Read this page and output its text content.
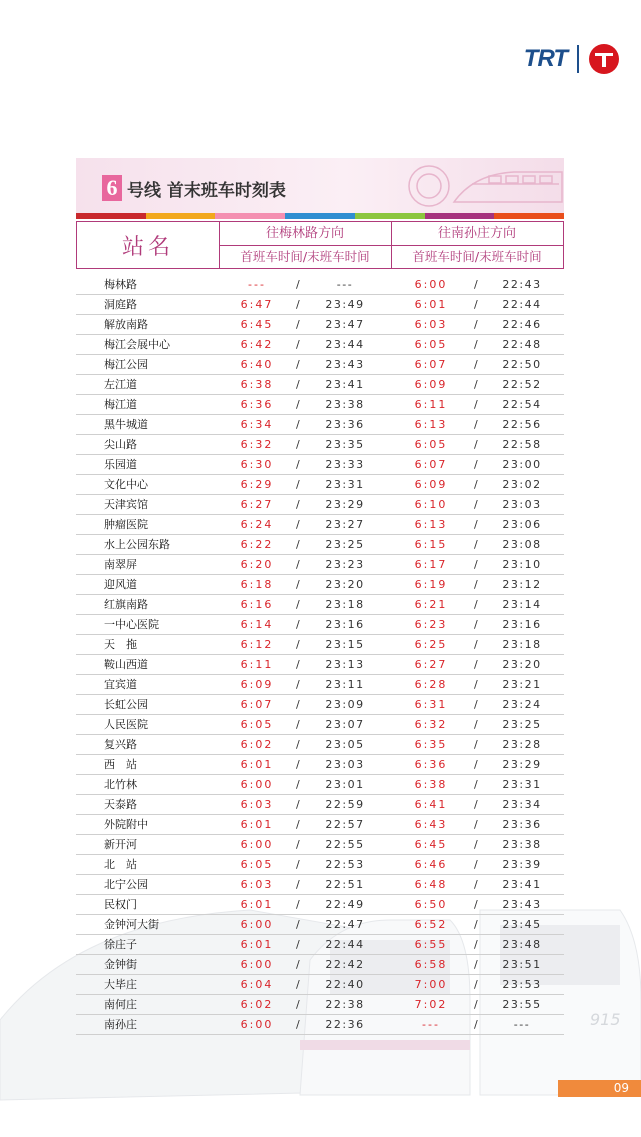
TRT
6 号线 首末班车时刻表
站名
往梅林路方向
首班车时间/末班车时间
往南孙庄方向
首班车时间/末班车时间
915
梅林路	---	/	---	6:00 /	22:43
洞庭路	6:47 /	23:49	6:01 /	22:44
解放南路	6:45 /	23:47	6:03 /	22:46
梅江会展中心	6:42 /	23:44	6:05 /	22:48
梅江公园	6:40 /	23:43	6:07 /	22:50
左江道	6:38 /	23:41	6:09 /	22:52
梅江道	6:36 /	23:38	6:11 /	22:54
黑牛城道	6:34 /	23:36	6:13 /	22:56
尖山路	6:32 /	23:35	6:05 /	22:58
乐园道	6:30 /	23:33	6:07 /	23:00
文化中心	6:29 /	23:31	6:09 /	23:02
天津宾馆	6:27 /	23:29	6:10 /	23:03
肿瘤医院	6:24 /	23:27	6:13 /	23:06
水上公园东路	6:22 /	23:25	6:15 /	23:08
南翠屏	6:20 /	23:23	6:17 /	23:10
迎风道	6:18 /	23:20	6:19 /	23:12
红旗南路	6:16 /	23:18	6:21 /	23:14
一中心医院	6:14 /	23:16	6:23 /	23:16
天　拖	6:12 /	23:15	6:25 /	23:18
鞍山西道	6:11 /	23:13	6:27 /	23:20
宜宾道	6:09 /	23:11	6:28 /	23:21
长虹公园	6:07 /	23:09	6:31 /	23:24
人民医院	6:05 /	23:07	6:32 /	23:25
复兴路	6:02 /	23:05	6:35 /	23:28
西　站	6:01 /	23:03	6:36 /	23:29
北竹林	6:00 /	23:01	6:38 /	23:31
天泰路	6:03 /	22:59	6:41 /	23:34
外院附中	6:01 /	22:57	6:43 /	23:36
新开河	6:00 /	22:55	6:45 /	23:38
北　站	6:05 /	22:53	6:46 /	23:39
北宁公园	6:03 /	22:51	6:48 /	23:41
民权门	6:01 /	22:49	6:50 /	23:43
金钟河大街	6:00 /	22:47	6:52 /	23:45
徐庄子	6:01 /	22:44	6:55 /	23:48
金钟街	6:00 /	22:42	6:58 /	23:51
大毕庄	6:04 /	22:40	7:00 /	23:53
南何庄	6:02 /	22:38	7:02 /	23:55
南孙庄	6:00 /	22:36	---	/	---
09
